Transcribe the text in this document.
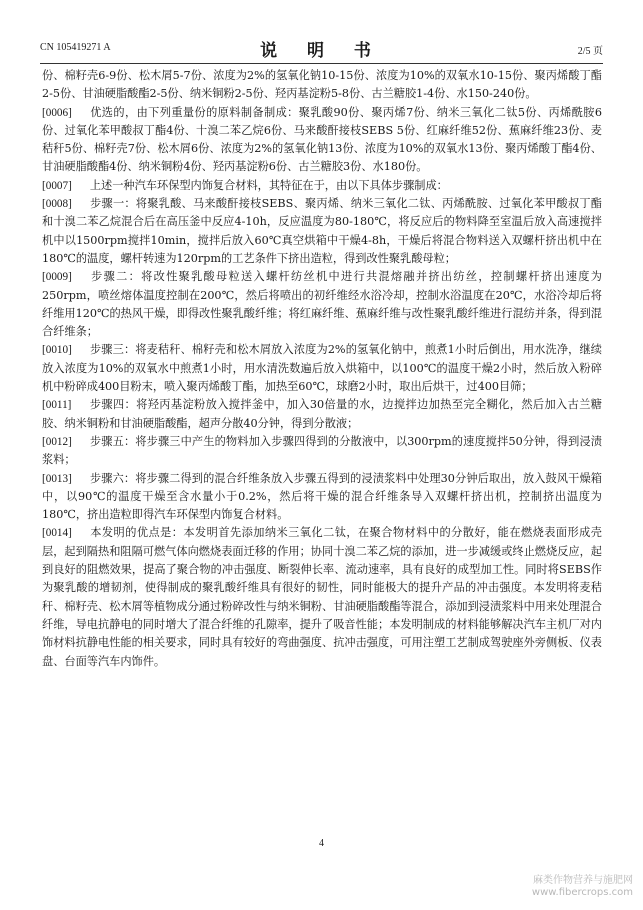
CN 105419271 A	说 明 书	2/5 页

份、棉籽壳6-9份、松木屑5-7份、浓度为2%的氢氧化钠10-15份、浓度为10%的双氧水10-15份、聚丙烯酸丁酯2-5份、甘油硬脂酸酯2-5份、纳米铜粉2-5份、羟丙基淀粉5-8份、古兰糖胶1-4份、水150-240份。

[0006] 优选的，由下列重量份的原料制备制成：聚乳酸90份、聚丙烯7份、纳米三氧化二钛5份、丙烯酰胺6份、过氧化苯甲酸叔丁酯4份、十溴二苯乙烷6份、马来酸酐接枝SEBS 5份、红麻纤维52份、蕉麻纤维23份、麦秸秆5份、棉籽壳7份、松木屑6份、浓度为2%的氢氧化钠13份、浓度为10%的双氧水13份、聚丙烯酸丁酯4份、甘油硬脂酸酯4份、纳米铜粉4份、羟丙基淀粉6份、古兰糖胶3份、水180份。

[0007] 上述一种汽车环保型内饰复合材料，其特征在于，由以下具体步骤制成：

[0008] 步骤一：将聚乳酸、马来酸酐接枝SEBS、聚丙烯、纳米三氧化二钛、丙烯酰胺、过氧化苯甲酸叔丁酯和十溴二苯乙烷混合后在高压釜中反应4-10h，反应温度为80-180℃，将反应后的物料降至室温后放入高速搅拌机中以1500rpm搅拌10min，搅拌后放入60℃真空烘箱中干燥4-8h，干燥后将混合物料送入双螺杆挤出机中在180℃的温度，螺杆转速为120rpm的工艺条件下挤出造粒，得到改性聚乳酸母粒；

[0009] 步骤二：将改性聚乳酸母粒送入螺杆纺丝机中进行共混熔融并挤出纺丝，控制螺杆挤出速度为250rpm，喷丝熔体温度控制在200℃，然后将喷出的初纤维经水浴冷却，控制水浴温度在20℃，水浴冷却后将纤维用120℃的热风干燥，即得改性聚乳酸纤维；将红麻纤维、蕉麻纤维与改性聚乳酸纤维进行混纺并条，得到混合纤维条；

[0010] 步骤三：将麦秸秆、棉籽壳和松木屑放入浓度为2%的氢氧化钠中，煎煮1小时后倒出，用水洗净，继续放入浓度为10%的双氧水中煎煮1小时，用水清洗数遍后放入烘箱中，以100℃的温度干燥2小时，然后放入粉碎机中粉碎成400目粉末，喷入聚丙烯酸丁酯，加热至60℃，球磨2小时，取出后烘干，过400目筛；

[0011] 步骤四：将羟丙基淀粉放入搅拌釜中，加入30倍量的水，边搅拌边加热至完全糊化，然后加入古兰糖胶、纳米铜粉和甘油硬脂酸酯，超声分散40分钟，得到分散液；

[0012] 步骤五：将步骤三中产生的物料加入步骤四得到的分散液中，以300rpm的速度搅拌50分钟，得到浸渍浆料；

[0013] 步骤六：将步骤二得到的混合纤维条放入步骤五得到的浸渍浆料中处理30分钟后取出，放入鼓风干燥箱中，以90℃的温度干燥至含水量小于0.2%，然后将干燥的混合纤维条导入双螺杆挤出机，控制挤出温度为180℃，挤出造粒即得汽车环保型内饰复合材料。

[0014] 本发明的优点是：本发明首先添加纳米三氧化二钛，在聚合物材料中的分散好，能在燃烧表面形成壳层，起到隔热和阻隔可燃气体向燃烧表面迁移的作用；协同十溴二苯乙烷的添加，进一步减缓或终止燃烧反应，起到良好的阻燃效果，提高了聚合物的冲击强度、断裂伸长率、流动速率，具有良好的成型加工性。同时将SEBS作为聚乳酸的增韧剂，使得制成的聚乳酸纤维具有很好的韧性，同时能极大的提升产品的冲击强度。本发明将麦秸秆、棉籽壳、松木屑等植物成分通过粉碎改性与纳米铜粉、甘油硬脂酸酯等混合，添加到浸渍浆料中用来处理混合纤维，导电抗静电的同时增大了混合纤维的孔隙率，提升了吸音性能；本发明制成的材料能够解决汽车主机厂对内饰材料抗静电性能的相关要求，同时具有较好的弯曲强度、抗冲击强度，可用注塑工艺制成驾驶座外旁侧板、仪表盘、台面等汽车内饰件。

4
麻类作物营养与施肥网
www.fibercrops.com
